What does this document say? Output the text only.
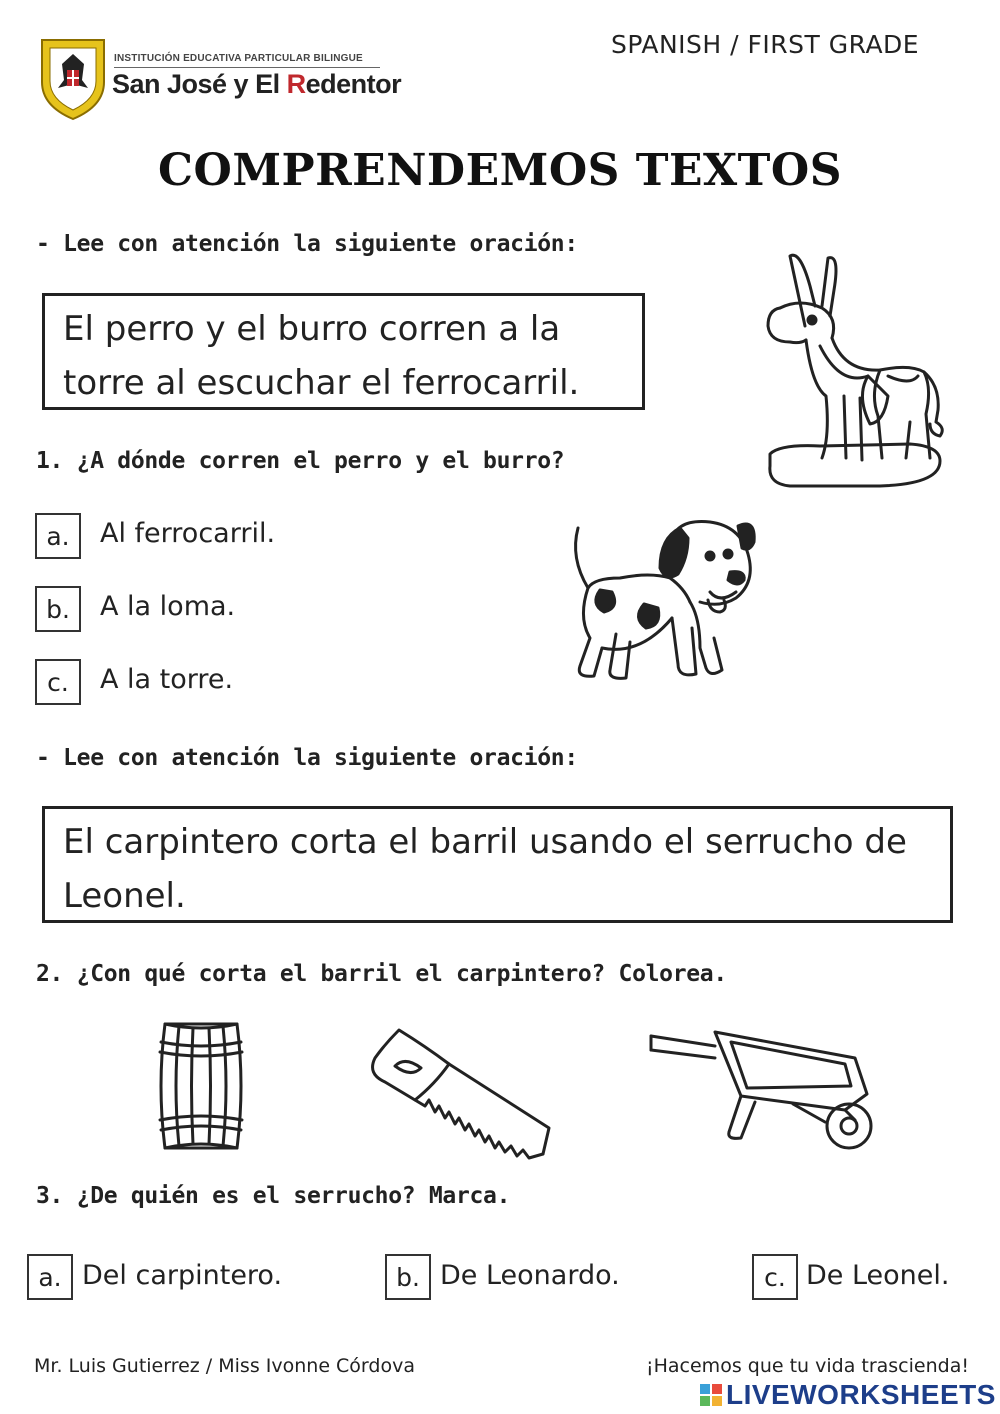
INSTITUCIÓN EDUCATIVA PARTICULAR BILINGUE
San José y El Redentor
SPANISH / FIRST GRADE
COMPRENDEMOS TEXTOS
- Lee con atención la siguiente oración:
El perro y el burro corren a la
torre al escuchar el ferrocarril.
1. ¿A dónde corren el perro y el burro?
a.	Al ferrocarril.
b.	A la loma.
c.	A la torre.
- Lee con atención la siguiente oración:
El carpintero corta el barril usando el serrucho de
Leonel.
2. ¿Con qué corta el barril el carpintero? Colorea.
3. ¿De quién es el serrucho? Marca.
a. Del carpintero.	b. De Leonardo.	c. De Leonel.
Mr. Luis Gutierrez / Miss Ivonne Córdova	¡Hacemos que tu vida trascienda!
LIVEWORKSHEETS
